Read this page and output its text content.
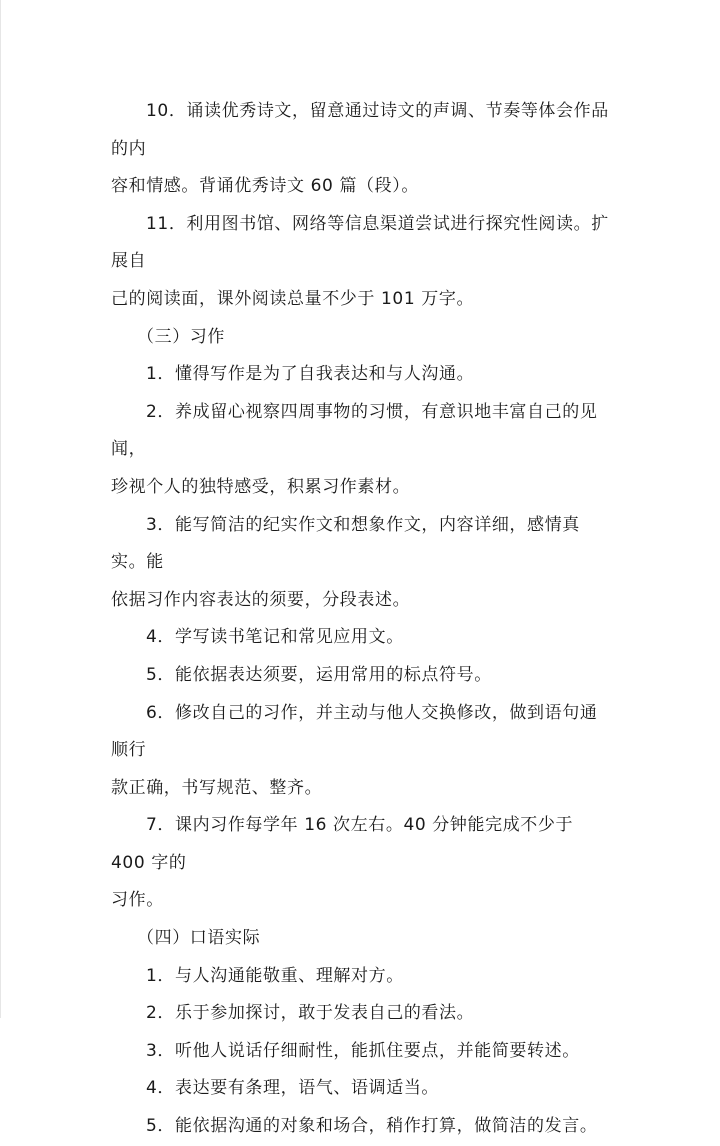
10．诵读优秀诗文，留意通过诗文的声调、节奏等体会作品的内
容和情感。背诵优秀诗文 60 篇（段）。

11．利用图书馆、网络等信息渠道尝试进行探究性阅读。扩展自
己的阅读面，课外阅读总量不少于 101 万字。

（三）习作

1．懂得写作是为了自我表达和与人沟通。

2．养成留心视察四周事物的习惯，有意识地丰富自己的见闻，
珍视个人的独特感受，积累习作素材。

3．能写简洁的纪实作文和想象作文，内容详细，感情真实。能
依据习作内容表达的须要，分段表述。

4．学写读书笔记和常见应用文。

5．能依据表达须要，运用常用的标点符号。

6．修改自己的习作，并主动与他人交换修改，做到语句通顺行
款正确，书写规范、整齐。

7．课内习作每学年 16 次左右。40 分钟能完成不少于 400 字的
习作。

（四）口语实际

1．与人沟通能敬重、理解对方。

2．乐于参加探讨，敢于发表自己的看法。

3．听他人说话仔细耐性，能抓住要点，并能简要转述。

4．表达要有条理，语气、语调适当。

5．能依据沟通的对象和场合，稍作打算，做简洁的发言。
